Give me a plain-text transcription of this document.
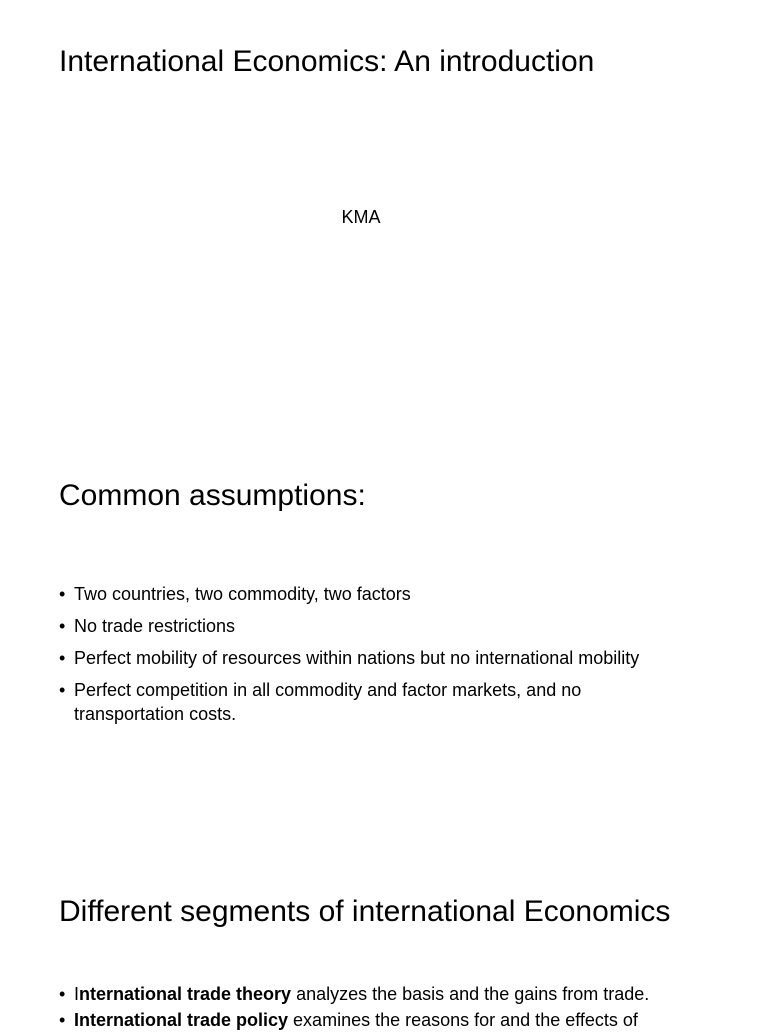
International Economics: An introduction
KMA
Common assumptions:
• Two countries, two commodity, two factors
• No trade restrictions
• Perfect mobility of resources within nations but no international mobility
• Perfect competition in all commodity and factor markets, and no transportation costs.
Different segments of international Economics
• International trade theory analyzes the basis and the gains from trade.
• International trade policy examines the reasons for and the effects of
